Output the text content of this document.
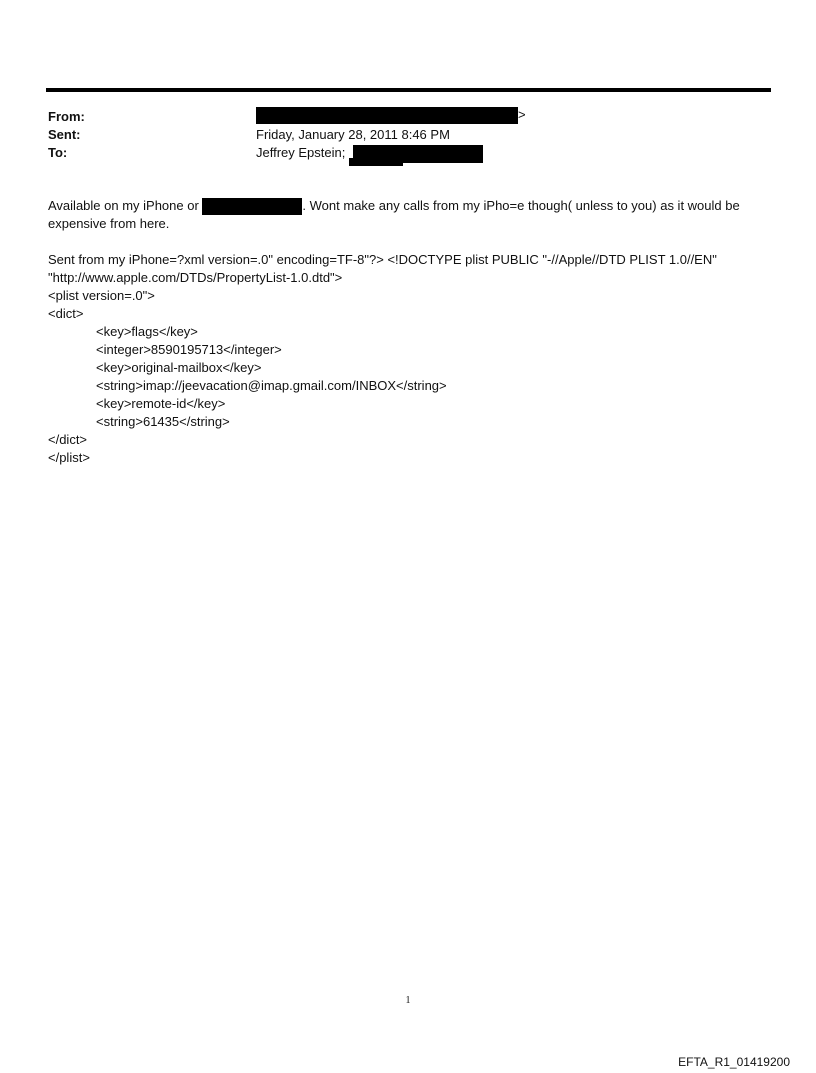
From:	>
Sent:	Friday, January 28, 2011 8:46 PM
To:	Jeffrey Epstein;
Available on my iPhone or	. Wont make any calls from my iPho=e though( unless to you) as it would be
expensive from here.
Sent from my iPhone=?xml version=.0" encoding=TF-8"?> <!DOCTYPE plist PUBLIC "-//Apple//DTD PLIST 1.0//EN"
"http://www.apple.com/DTDs/PropertyList-1.0.dtd">
<plist version=.0">
<dict>
<key>flags</key>
<integer>8590195713</integer>
<key>original-mailbox</key>
<string>imap://jeevacation@imap.gmail.com/INBOX</string>
<key>remote-id</key>
<string>61435</string>
</dict>
</plist>
1
EFTA_R1_01419200
